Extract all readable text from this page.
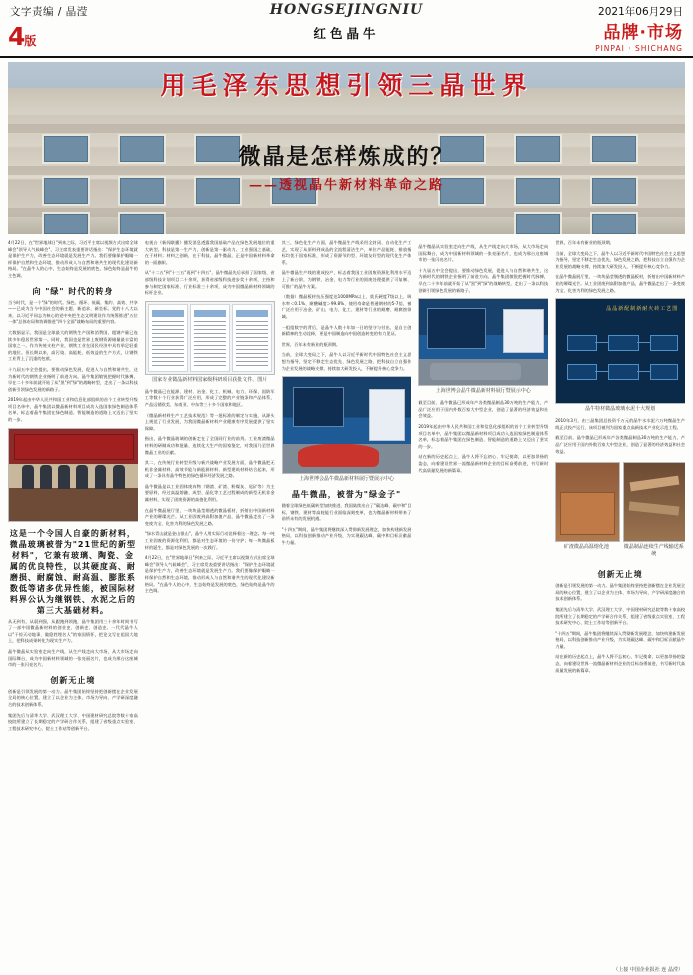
文字责编 / 晶滢	HONGSEJINGNIU
红色晶牛
2021年06月29日
品牌·市场
PINPAI · SHICHANG
4版
用毛泽东思想引领三晶世界
微晶是怎样炼成的？
——透视晶牛新材料革命之路

4月22日，在"世界地球日"到来之际，习近平主席以视频方式出席全球峰会"领导人气候峰会"，习主席发表重要讲话指出："保护生态环境就是保护生产力，改善生态环境就是发展生产力。我们要像保护眼睛一样保护自然和生态环境，推动形成人与自然和谐共生的现代化建设新格局。"在晶牛人的心中，生态始终是发展的底色，绿色始终是晶牛的主色调。

向 "绿" 时代的转身

当今时代，是一个"绿"的时代。绿色、循环、低碳、集约、高效、共享——已成为当今中国社会的新主题、新追求、新坐标。党的十八大以来，以习近平同志为核心的党中央把生态文明建设作为统筹推进"五位一体"总体布局和协调推进"四个全面"战略布局的重要内容。

大数据显示，我国是全球最大的钢铁生产国和消费国，粗钢产量已连续多年稳居世界第一。同时，我国也是世界上废钢资源储量最丰富的国家之一。作为传统支柱产业，钢铁工业在国民经济中具有举足轻重的地位。但长期以来，高污染、高能耗、低效益的生产方式，让钢铁工业背上了沉重的包袱。

十九届五中全会提出，要推动绿色发展，促进人与自然和谐共生，这为新时代的钢铁企业指明了前进方向。晶牛集团敏锐把握时代脉搏，早在二十多年前就开始了从"黑"到"绿"的战略转型，走出了一条以科技创新引领绿色发展的新路子。

2019年起由中华人民共和国工业和信息化部组织的首个工业转型升级项目名单中，晶牛集团以微晶新材料项目成功入选国家绿色制造体系名单，标志着晶牛集团在绿色制造、智能制造的道路上又迈出了坚实的一步。

这是一个令国人自豪的新材料，微晶玻璃被誉为"21世纪的新型材料"，它兼有玻璃、陶瓷、金属的优良特性，以其硬度高、耐磨损、耐腐蚀、耐高温、膨胀系数低等诸多优异性能，被国际材料界公认为继钢铁、水泥之后的第三大基础材料。

从无到有，从弱到强，从跟跑到领跑，晶牛集团用三十余年时间书写了一部中国微晶新材料的创业史、创新史、创造史。一代代晶牛人以"干惊天动地事、做隐姓埋名人"的家国情怀，把论文写在祖国大地上，把科技成果转化为现实生产力。

晶牛微晶从实验室走向生产线，从生产线走向大市场，从大市场走向国际舞台，成为中国新材料领域的一张亮丽名片，也成为邢台这座城市的一张闪亮名片。

创新无止境

创新是引领发展的第一动力。晶牛集团始终坚持把创新摆在企业发展全局的核心位置，建立了以企业为主体、市场为导向、产学研深度融合的技术创新体系。

集团先后与清华大学、武汉理工大学、中国建材研究总院等数十家高校院所建立了长期稳定的产学研合作关系，组建了省级重点实验室、工程技术研究中心、院士工作站等创新平台。

电视台《新闻联播》播发消息透露我国基础产品在绿色发展地位的重大转型。科技是第一生产力，创新是第一驱动力。工业强国之基础，在于材料；材料之创新，在于科技。晶牛微晶，正是中国新材料革命的一面旗帜。

从"十二五"到"十三五"再到"十四五"，晶牛微晶先后承担了国家级、省部级科技计划项目二十余项，获得省部级科技进步奖十余项，主持和参与制定国家标准、行业标准三十余项，成为中国微晶新材料领域的标杆企业。

国家专业微晶新材料国家级科研项目获批文件、图片

晶牛微晶已在能源、建材、冶金、化工、机械、电力、环保、国防军工等数十个行业获得广泛应用，形成了完整的产业链条和产品体系，产品远销欧美、东南亚、中东等三十多个国家和地区。

《微晶新材料生产工艺技术规范》等一批标准的制定与实施，从源头上规范了行业发展，为我国微晶新材料产业健康有序发展提供了坚实保障。

指出，晶牛微晶玻璃的创新走在了全国同行业的前列。工业废渣微晶材料的研制成功和批量、连续化大生产的国家鉴定，对我国乃至世界微晶工业的贡献。

其二，在传统行业转型升级与新兴战略产业发展方面，晶牛微晶把无机非金属材料、高效节能与新能源材料、新型建筑材料结合起来，形成了一条具有晶牛特色的绿色循环经济发展之路。

晶牛微晶是以工业固体废弃物（钢渣、矿渣、粉煤灰、尾矿等）为主要原料，经过高温熔融、成型、晶化等工艺过程制成的新型无机非金属材料，实现了固废资源的高值化利用。

在晶牛微晶展厅里，一块块晶莹剔透的微晶板材，折射出中国新材料产业的璀璨光芒。从工业固废到高附加值产品，晶牛微晶走出了一条变废为宝、化害为利的绿色发展之路。

"绿水青山就是金山银山"，晶牛人用实际行动诠释着这一理念。每一吨工业固废的资源化利用，都是对生态环境的一份守护；每一块微晶板材的诞生，都是对绿色发展的一次践行。

4月22日，在"世界地球日"到来之际，习近平主席以视频方式出席全球峰会"领导人气候峰会"，习主席发表重要讲话指出："保护生态环境就是保护生产力，改善生态环境就是发展生产力。我们要像保护眼睛一样保护自然和生态环境，推动形成人与自然和谐共生的现代化建设新格局。"在晶牛人的心中，生态始终是发展的底色，绿色始终是晶牛的主色调。

其三，绿色化生产方面，晶牛微晶生产线采用全封闭、自动化生产工艺，实现了从原料到成品的全流程清洁生产，单位产品能耗、排放指标均优于国家标准，形成了资源节约型、环境友好型的现代化生产体系。

晶牛微晶生产线的建成投产，标志着我国工业固废资源化利用水平迈上了新台阶，为钢铁、冶金、电力等行业的固废处理提供了可复制、可推广的晶牛方案。

（数据）微晶板材抗压强度达1000MPa以上、莫氏硬度7级以上、吸水率＜0.1%、耐酸碱度＞99.8%、使用寿命是普通钢材的5-7倍，被广泛应用于冶金、矿山、电力、化工、建材等行业的耐磨、耐腐蚀领域。

一组组数字的背后，是晶牛人数十年如一日的坚守与付出，是自主创新精神的生动诠释，更是中国制造向中国创造转变的有力见证。

世界，百年未有新业的瓶颈期。

当前，全球大变局之下，晶牛人以习近平新时代中国特色社会主义思想为指导，坚定不移走生态优先、绿色发展之路，把科技自立自强作为企业发展的战略支撑，持续加大研发投入，不断提升核心竞争力。

上海世博会晶牛微晶新材料展厅暨展示中心
晶牛微晶，被誉为"绿金子"

随着全球绿色低碳转型加快推进，我国陆续出台了"碳达峰、碳中和"目标，钢铁、建材等高耗能行业面临深刻变革，也为微晶新材料带来了前所未有的发展机遇。

"十四五"期间，晶牛集团将继续深入贯彻新发展理念，加快构建新发展格局，以科技创新推动产业升级，为实现碳达峰、碳中和目标贡献晶牛力量。

晶牛微晶从实验室走向生产线，从生产线走向大市场，从大市场走向国际舞台，成为中国新材料领域的一张亮丽名片，也成为邢台这座城市的一张闪亮名片。

十九届五中全会提出，要推动绿色发展，促进人与自然和谐共生，这为新时代的钢铁企业指明了前进方向。晶牛集团敏锐把握时代脉搏，早在二十多年前就开始了从"黑"到"绿"的战略转型，走出了一条以科技创新引领绿色发展的新路子。

上海世博会晶牛微晶新材料展厅暨展示中心

截至目前，晶牛微晶已形成年产各类微晶制品30万吨的生产能力，产品广泛应用于国内外数百家大中型企业，创造了显著的经济效益和社会效益。

2019年起由中华人民共和国工业和信息化部组织的首个工业转型升级项目名单中，晶牛集团以微晶新材料项目成功入选国家绿色制造体系名单，标志着晶牛集团在绿色制造、智能制造的道路上又迈出了坚实的一步。

站在新的历史起点上，晶牛人将不忘初心、牢记使命，以更加昂扬的姿态，向着建设世界一流微晶新材料企业的目标奋勇前进，书写新时代高质量发展的新篇章。

世界，百年未有新业的瓶颈期。

当前，全球大变局之下，晶牛人以习近平新时代中国特色社会主义思想为指导，坚定不移走生态优先、绿色发展之路，把科技自立自强作为企业发展的战略支撑，持续加大研发投入，不断提升核心竞争力。

在晶牛微晶展厅里，一块块晶莹剔透的微晶板材，折射出中国新材料产业的璀璨光芒。从工业固废到高附加值产品，晶牛微晶走出了一条变废为宝、化害为利的绿色发展之路。

晶晶新配制新耐火砖工艺图
晶牛特材微晶玻璃水泥十大规划

2010年3月，由三晶集团总投资千万元的晶牛水水泥六万吨微晶生产线正式投产运行，该项目被列为国家重点高新技术产业化示范工程。

截至目前，晶牛微晶已形成年产各类微晶制品30万吨的生产能力，产品广泛应用于国内外数百家大中型企业，创造了显著的经济效益和社会效益。

矿渣微晶高温熔化池	微晶制品连续生产线输送系统
创新无止境

创新是引领发展的第一动力。晶牛集团始终坚持把创新摆在企业发展全局的核心位置，建立了以企业为主体、市场为导向、产学研深度融合的技术创新体系。

集团先后与清华大学、武汉理工大学、中国建材研究总院等数十家高校院所建立了长期稳定的产学研合作关系，组建了省级重点实验室、工程技术研究中心、院士工作站等创新平台。

"十四五"期间，晶牛集团将继续深入贯彻新发展理念，加快构建新发展格局，以科技创新推动产业升级，为实现碳达峰、碳中和目标贡献晶牛力量。

站在新的历史起点上，晶牛人将不忘初心、牢记使命，以更加昂扬的姿态，向着建设世界一流微晶新材料企业的目标奋勇前进，书写新时代高质量发展的新篇章。

（上接 中国企业报社 连 晶滢）
